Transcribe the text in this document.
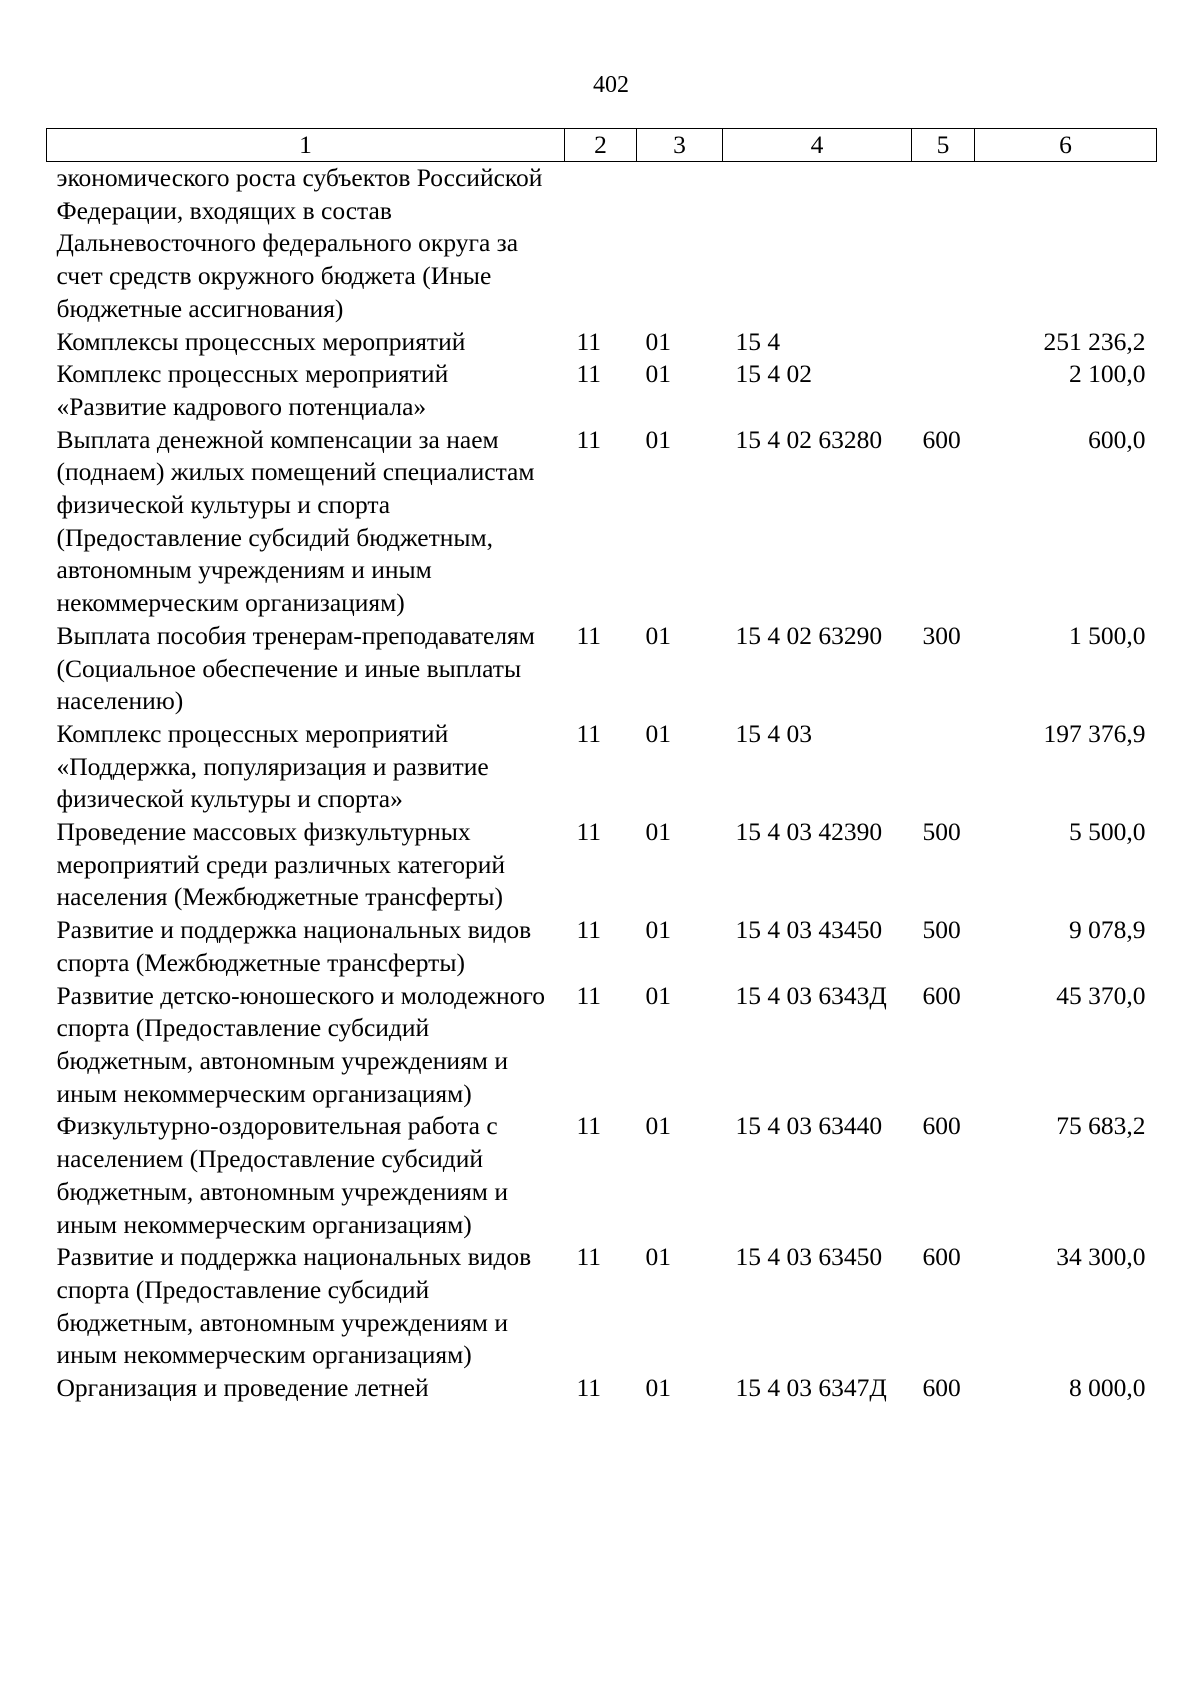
402
1	2	3	4	5	6
экономического роста субъектов Российской Федерации, входящих в состав Дальневосточного федерального округа за счет средств окружного бюджета (Иные бюджетные ассигнования)					
Комплексы процессных мероприятий	11	01	15 4		251 236,2
Комплекс процессных мероприятий «Развитие кадрового потенциала»	11	01	15 4 02		2 100,0
Выплата денежной компенсации за наем (поднаем) жилых помещений специалистам физической культуры и спорта (Предоставление субсидий бюджетным, автономным учреждениям и иным некоммерческим организациям)	11	01	15 4 02 63280	600	600,0
Выплата пособия тренерам-преподавателям (Социальное обеспечение и иные выплаты населению)	11	01	15 4 02 63290	300	1 500,0
Комплекс процессных мероприятий «Поддержка, популяризация и развитие физической культуры и спорта»	11	01	15 4 03		197 376,9
Проведение массовых физкультурных мероприятий среди различных категорий населения (Межбюджетные трансферты)	11	01	15 4 03 42390	500	5 500,0
Развитие и поддержка национальных видов спорта (Межбюджетные трансферты)	11	01	15 4 03 43450	500	9 078,9
Развитие детско-юношеского и молодежного спорта (Предоставление субсидий бюджетным, автономным учреждениям и иным некоммерческим организациям)	11	01	15 4 03 6343Д	600	45 370,0
Физкультурно-оздоровительная работа с населением (Предоставление субсидий бюджетным, автономным учреждениям и иным некоммерческим организациям)	11	01	15 4 03 63440	600	75 683,2
Развитие и поддержка национальных видов спорта (Предоставление субсидий бюджетным, автономным учреждениям и иным некоммерческим организациям)	11	01	15 4 03 63450	600	34 300,0
Организация и проведение летней	11	01	15 4 03 6347Д	600	8 000,0
